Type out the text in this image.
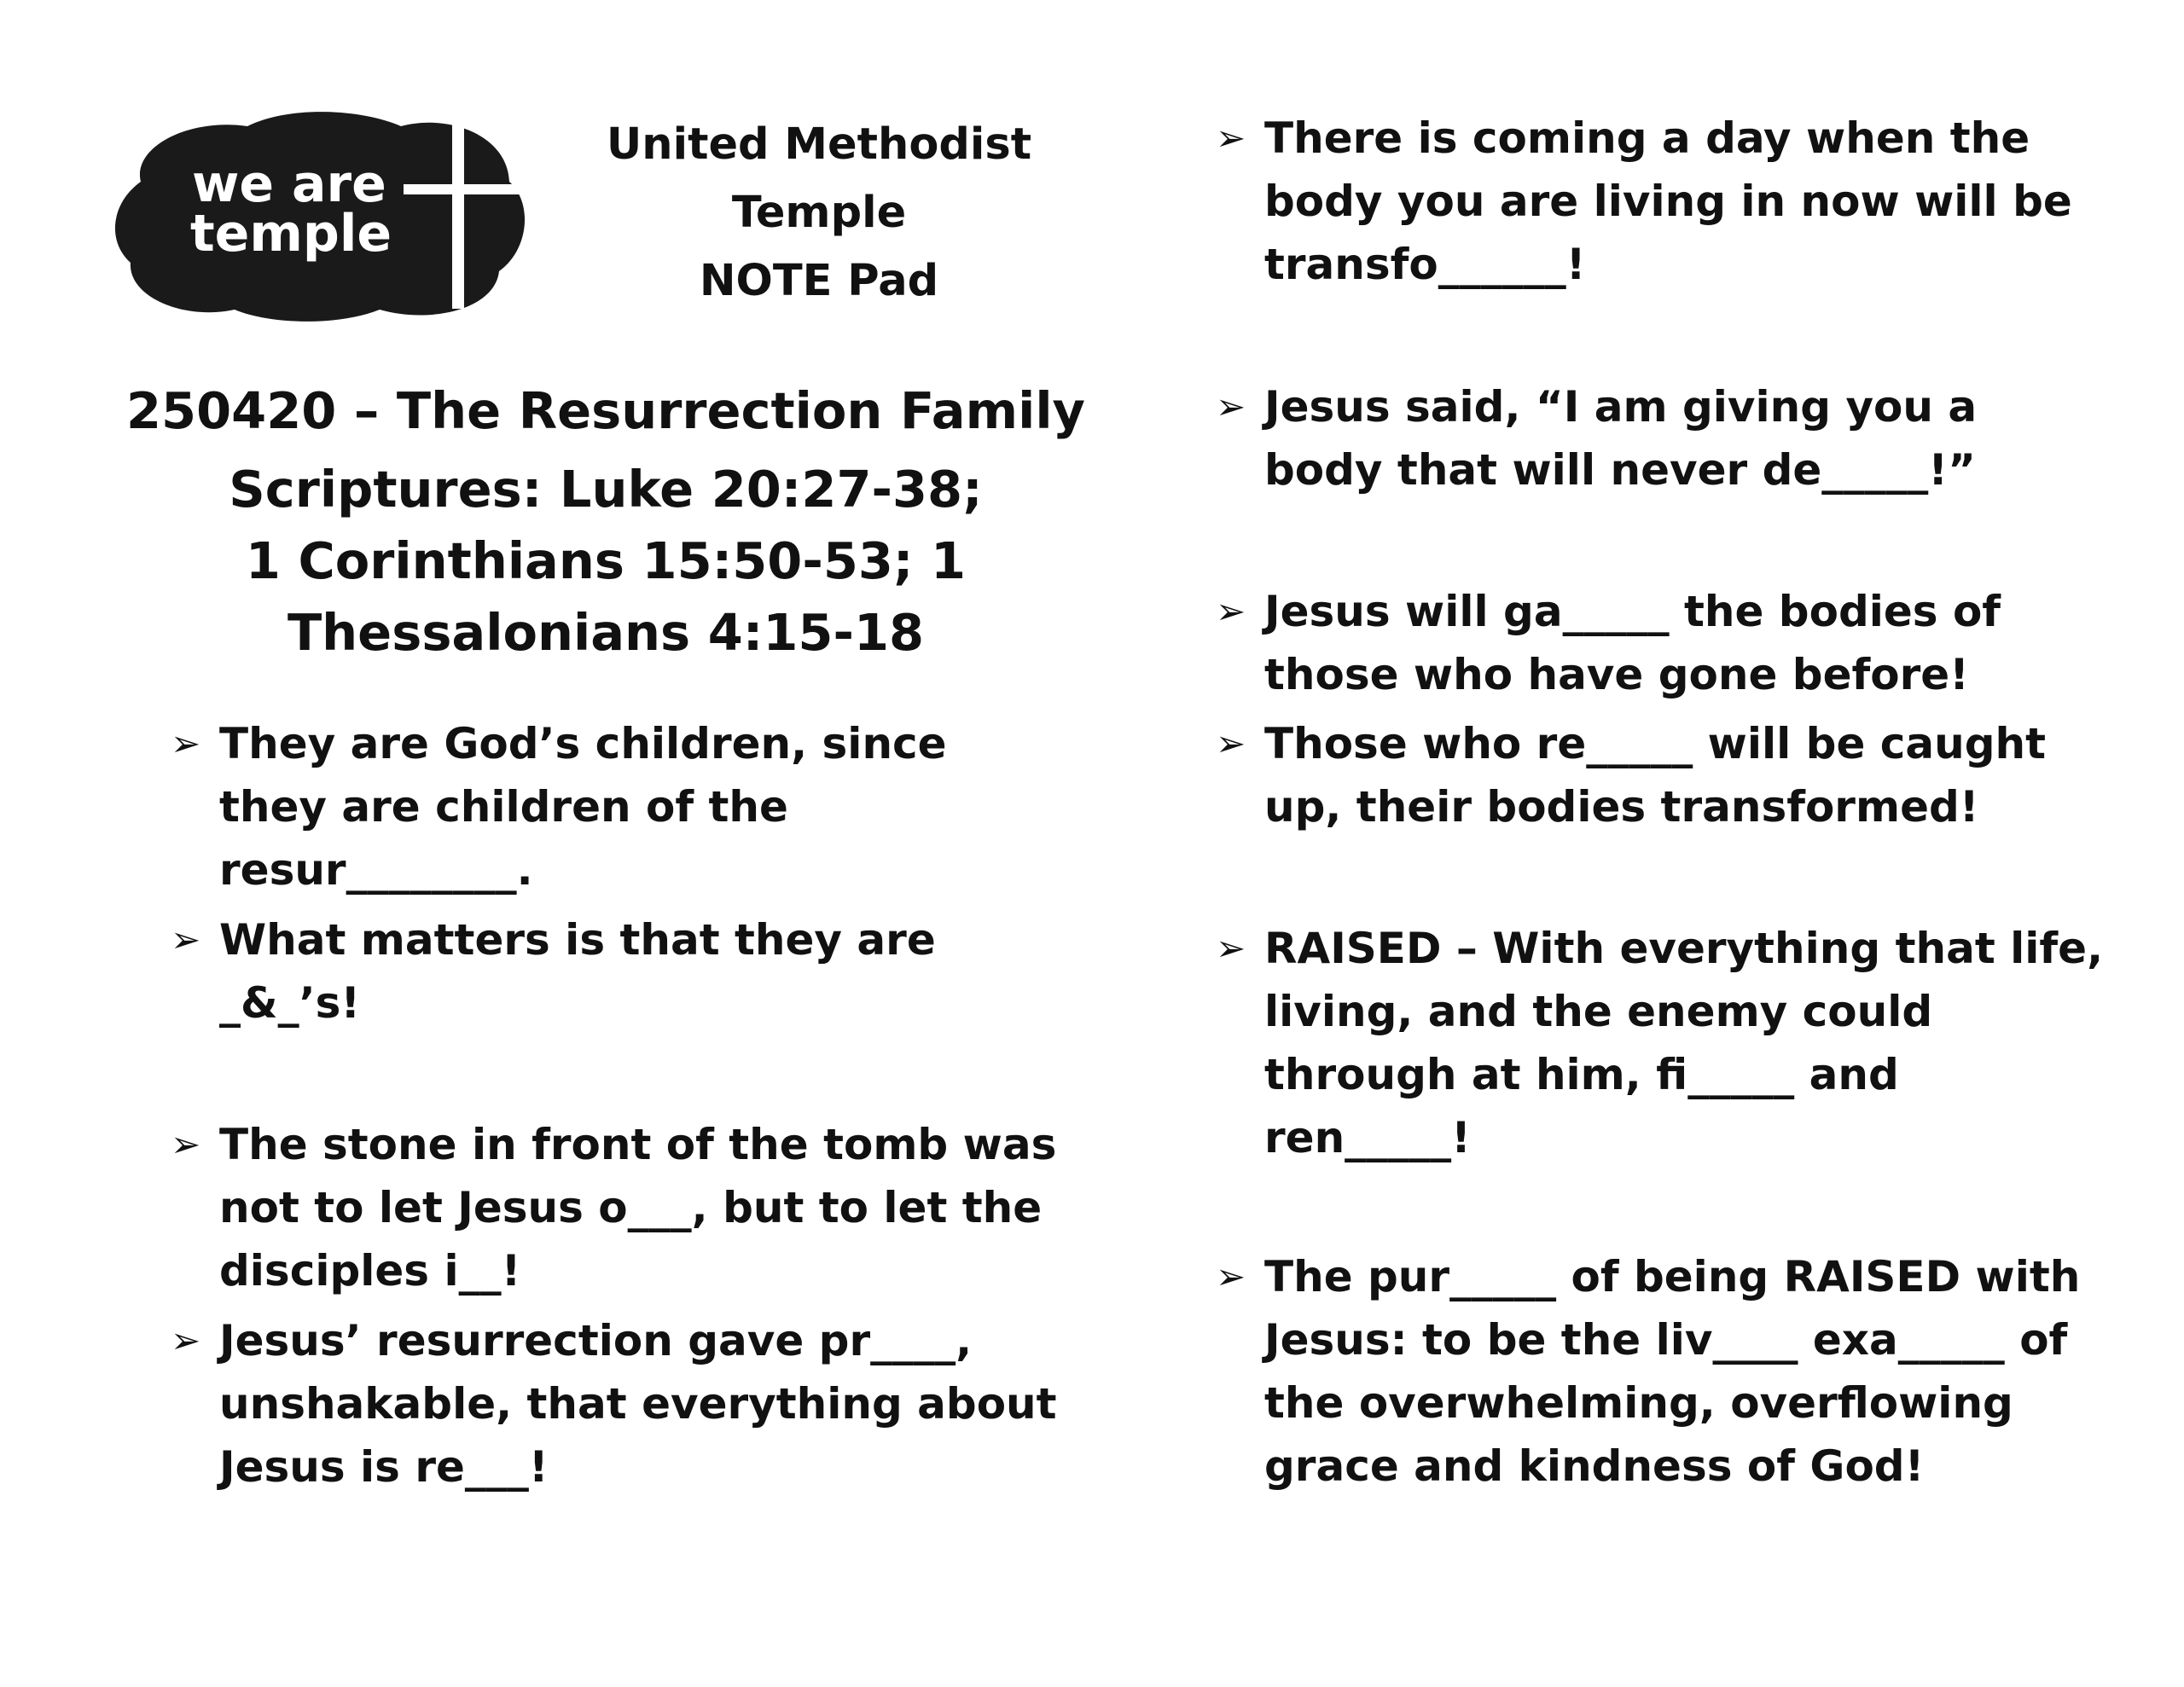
we are
temple
United Methodist
Temple
NOTE Pad
250420 – The Resurrection Family
Scriptures: Luke 20:27-38;
1 Corinthians 15:50-53; 1
Thessalonians 4:15-18
➢ They are God’s children, since
they are children of the
resur________.
➢ What matters is that they are
_&_’s!
➢ The stone in front of the tomb was
not to let Jesus o___, but to let the
disciples i__!
➢ Jesus’ resurrection gave pr____,
unshakable, that everything about
Jesus is re___!
➢ There is coming a day when the
body you are living in now will be
transfo______!
➢ Jesus said, “I am giving you a
body that will never de_____!”
➢ Jesus will ga_____ the bodies of
those who have gone before!
➢ Those who re_____ will be caught
up, their bodies transformed!
➢ RAISED – With everything that life,
living, and the enemy could
through at him, fi_____ and
ren_____!
➢ The pur_____ of being RAISED with
Jesus: to be the liv____ exa_____ of
the overwhelming, overflowing
grace and kindness of God!
